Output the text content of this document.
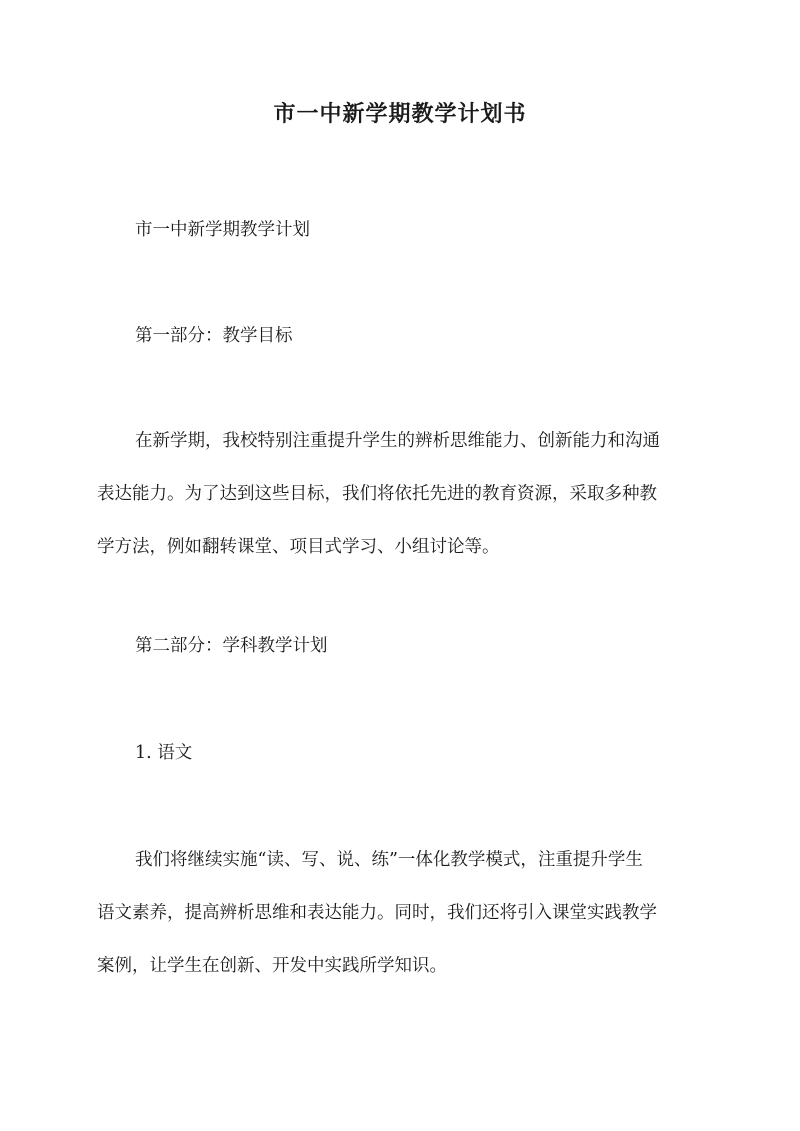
市一中新学期教学计划书
市一中新学期教学计划
第一部分：教学目标
在新学期，我校特别注重提升学生的辨析思维能力、创新能力和沟通
表达能力。为了达到这些目标，我们将依托先进的教育资源，采取多种教
学方法，例如翻转课堂、项目式学习、小组讨论等。
第二部分：学科教学计划
1. 语文
我们将继续实施“读、写、说、练”一体化教学模式，注重提升学生
语文素养，提高辨析思维和表达能力。同时，我们还将引入课堂实践教学
案例，让学生在创新、开发中实践所学知识。
